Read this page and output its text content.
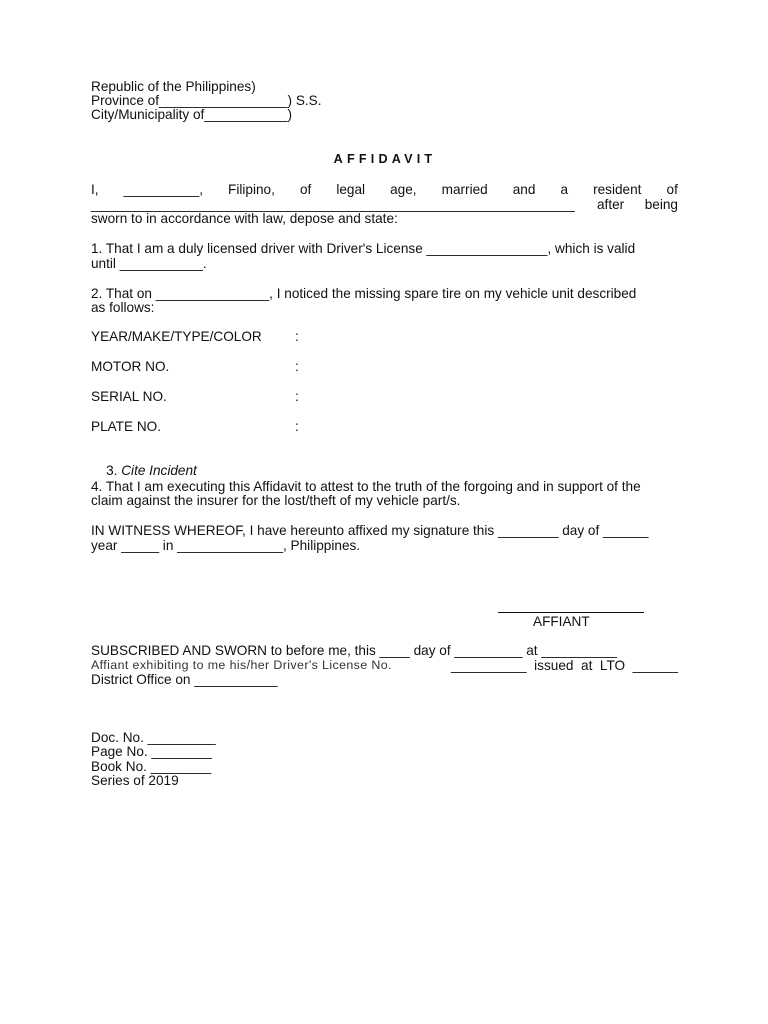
Republic of the Philippines)
Province of_________________) S.S.
City/Municipality of___________)
AFFIDAVIT
I, __________, Filipino, of legal age, married and a resident of
________________________________________________________________ after being
sworn to in accordance with law, depose and state:
1. That I am a duly licensed driver with Driver's License ________________, which is valid
until ___________.
2. That on _______________, I noticed the missing spare tire on my vehicle unit described
as follows:
YEAR/MAKE/TYPE/COLOR :
MOTOR NO.	:
SERIAL NO.	:
PLATE NO.	:

3. Cite Incident

4. That I am executing this Affidavit to attest to the truth of the forgoing and in support of the
claim against the insurer for the lost/theft of my vehicle part/s.
IN WITNESS WHEREOF, I have hereunto affixed my signature this ________ day of ______
year _____ in ______________, Philippines.
AFFIANT
SUBSCRIBED AND SWORN to before me, this ____ day of _________ at __________
Affiant exhibiting to me his/her Driver's License No.	__________  issued  at  LTO  ______
District Office on ___________
Doc. No. _________
Page No. ________
Book No. ________
Series of 2019
